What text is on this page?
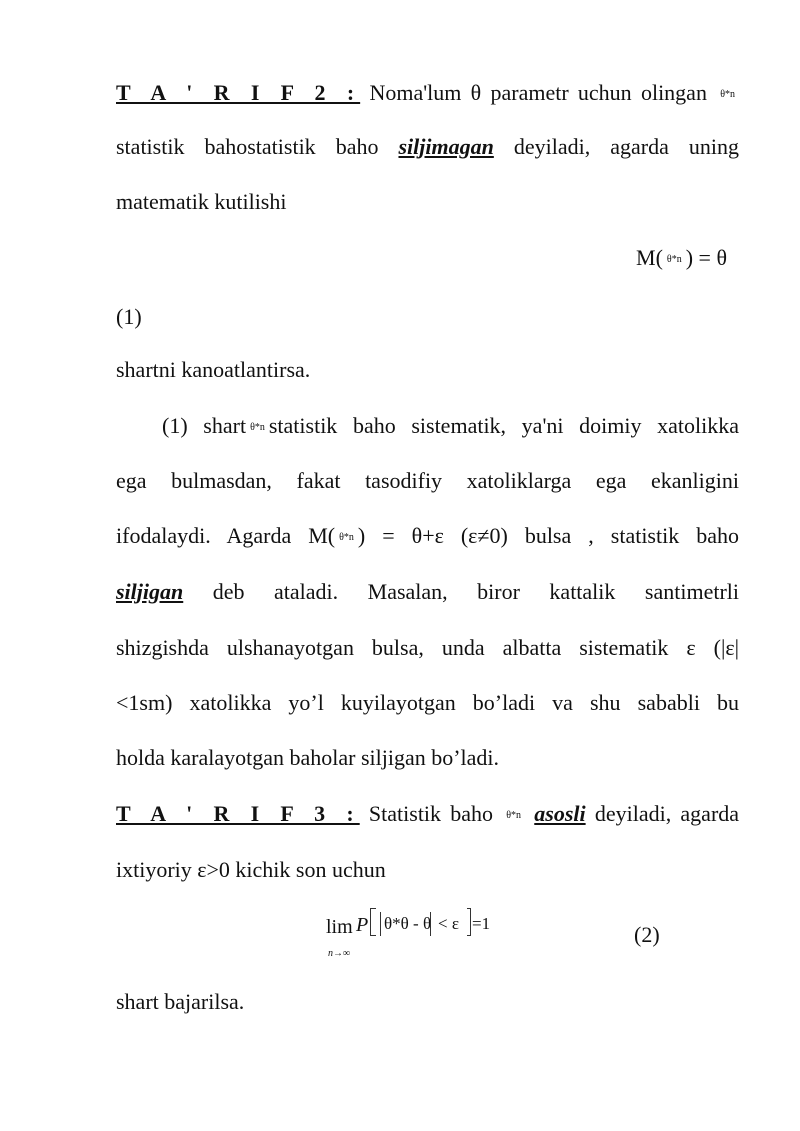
T A ' R I F 2 : Noma'lum θ parametr uchun olingan θ*n
statistik bahostatistik baho siljimagan deyiladi, agarda uning
matematik kutilishi
M( θ*n ) = θ
(1)
shartni kanoatlantirsa.
(1) shart θ*n statistik baho sistematik, ya'ni doimiy xatolikka
ega bulmasdan, fakat tasodifiy xatoliklarga ega ekanligini
ifodalaydi. Agarda M( θ*n ) = θ+ε (ε≠0) bulsa , statistik baho
siljigan deb ataladi. Masalan, biror kattalik santimetrli
shizgishda ulshanayotgan bulsa, unda albatta sistematik ε (|ε|
<1sm) xatolikka yo’l kuyilayotgan bo’ladi va shu sababli bu
holda karalayotgan baholar siljigan bo’ladi.
T A ' R I F 3 : Statistik baho θ*n asosli deyiladi, agarda
ixtiyoriy ε>0 kichik son uchun
lim
n→∞
P θ*θ - θ < ε =1	(2)
shart bajarilsa.
